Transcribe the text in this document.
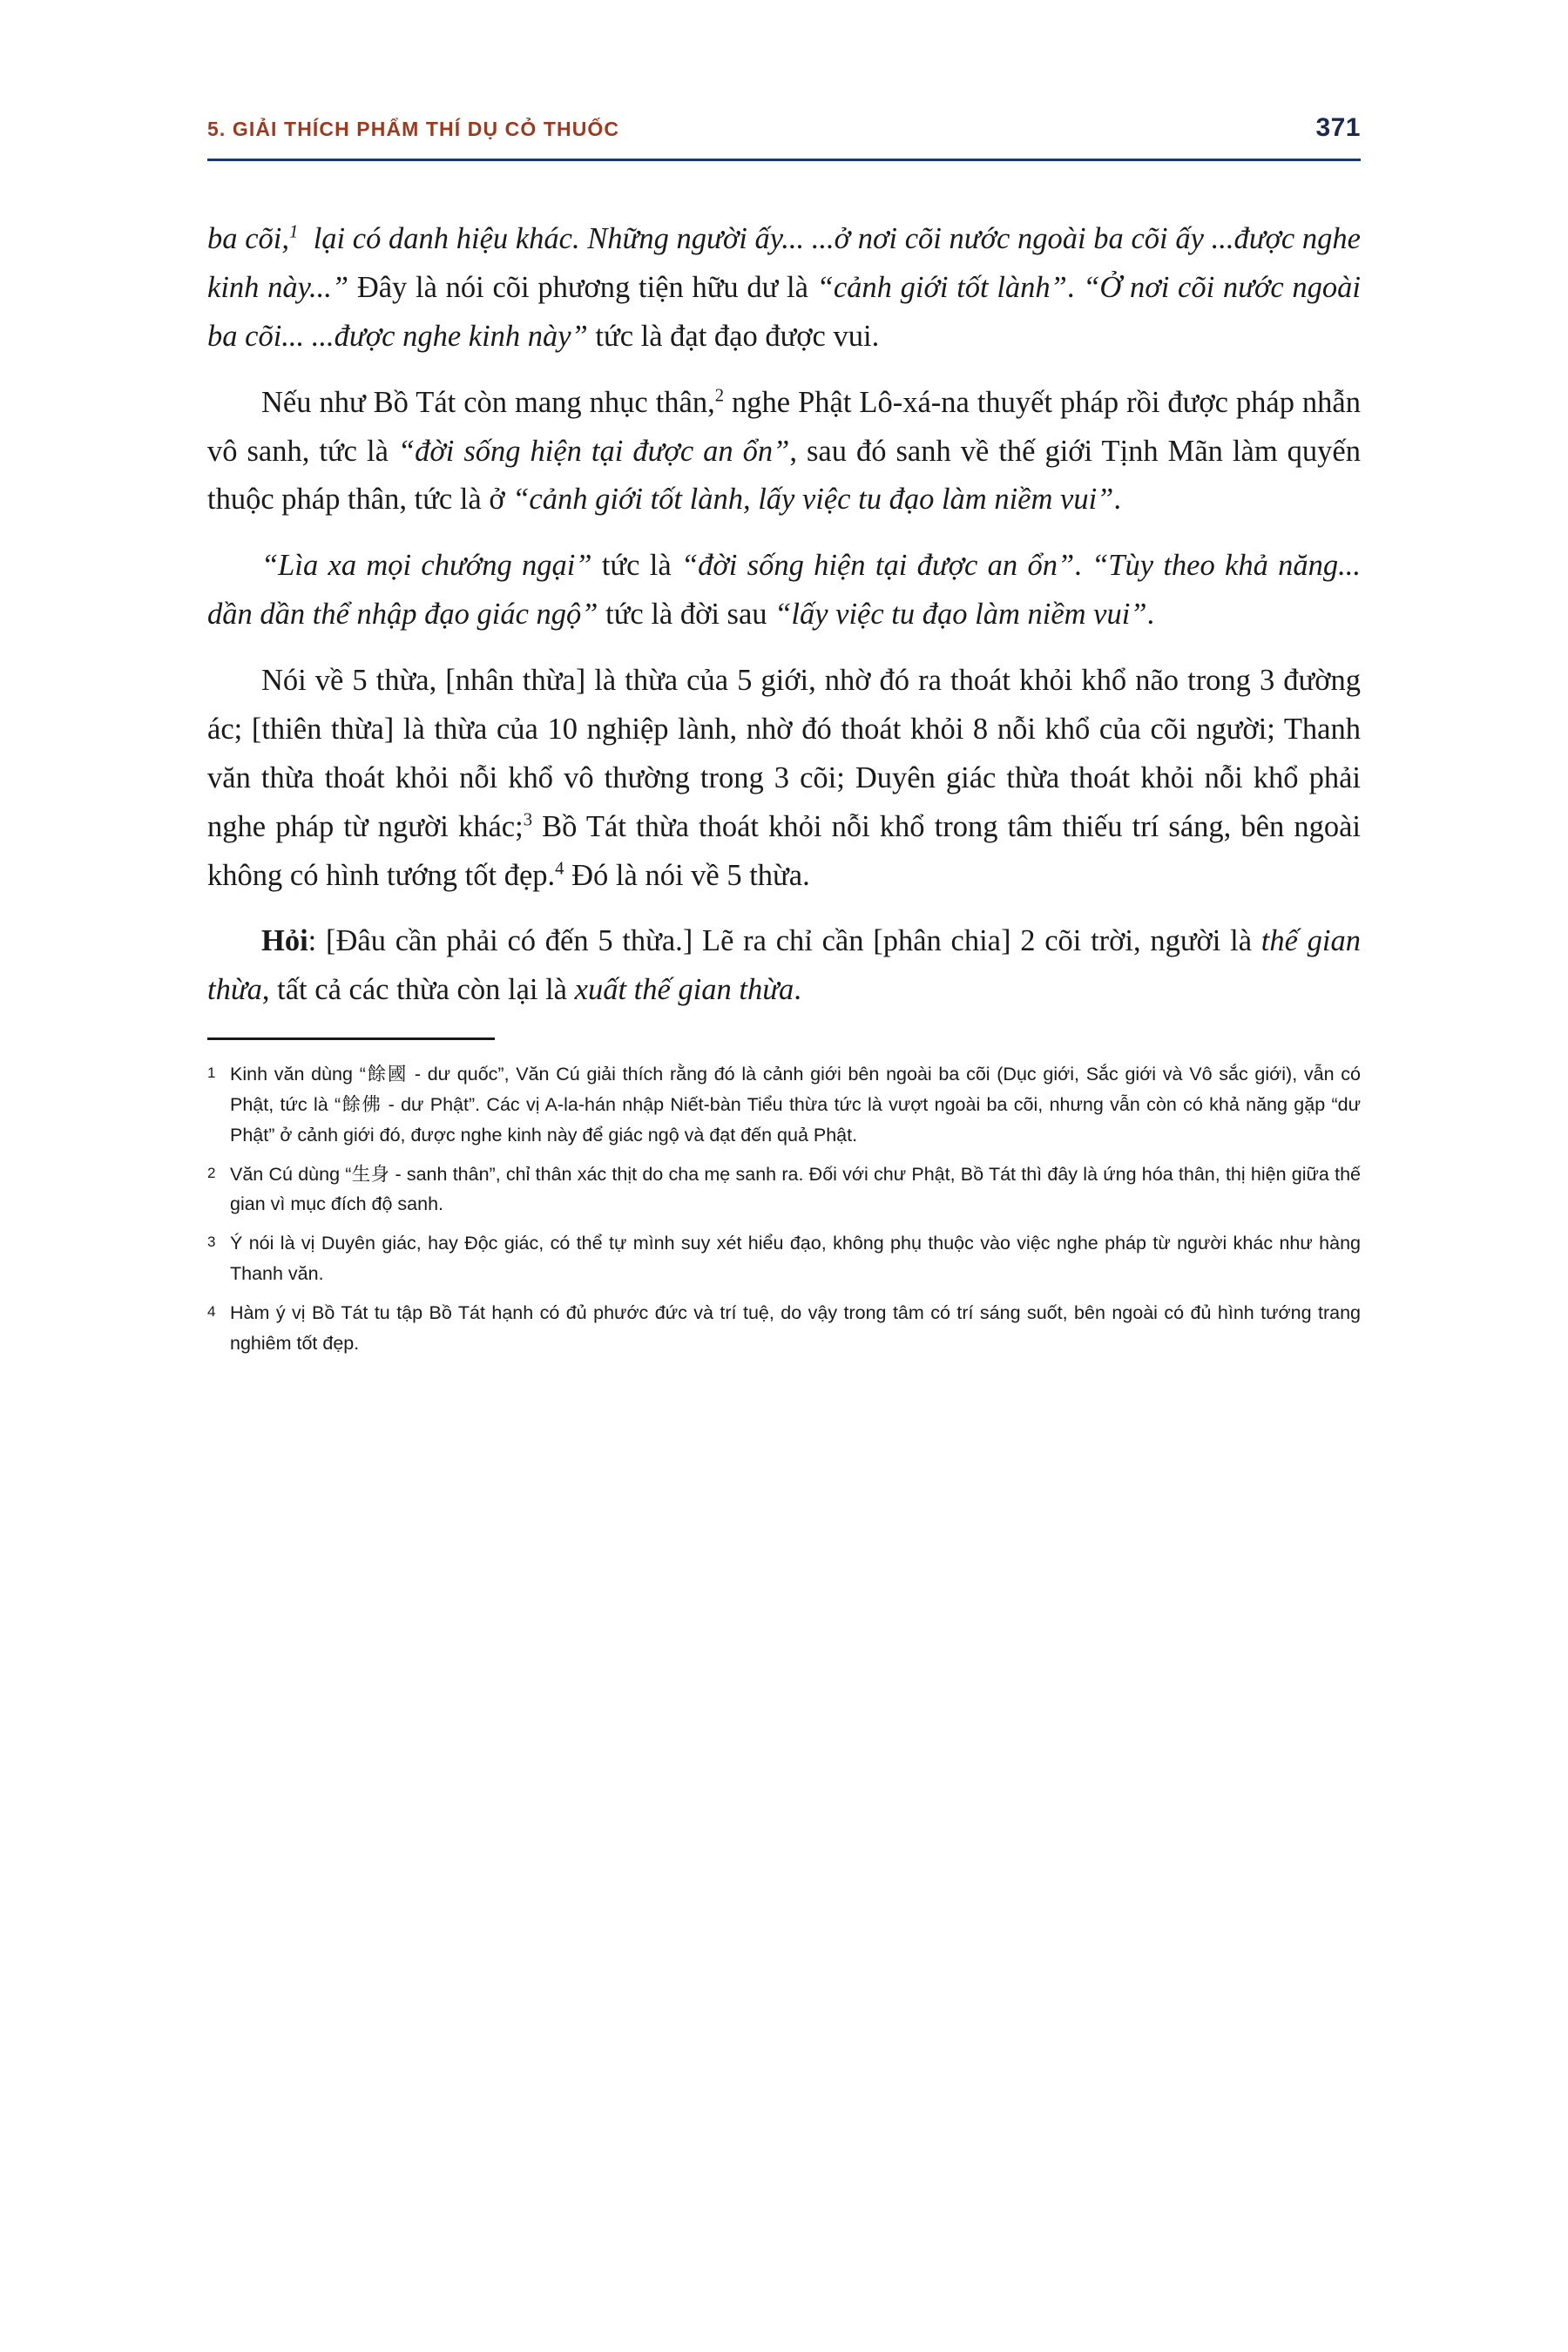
5. GIẢI THÍCH PHẨM THÍ DỤ CỎ THUỐC	371

ba cõi,$^1$  lại có danh hiệu khác. Những người ấy... ...ở nơi cõi nước ngoài ba cõi ấy ...được nghe kinh này...” Đây là nói cõi phương tiện hữu dư là “cảnh giới tốt lành”. “Ở nơi cõi nước ngoài ba cõi... ...được nghe kinh này” tức là đạt đạo được vui.

Nếu như Bồ Tát còn mang nhục thân,$^2$ nghe Phật Lô-xá-na thuyết pháp rồi được pháp nhẫn vô sanh, tức là “đời sống hiện tại được an ổn”, sau đó sanh về thế giới Tịnh Mãn làm quyến thuộc pháp thân, tức là ở “cảnh giới tốt lành, lấy việc tu đạo làm niềm vui”.

“Lìa xa mọi chướng ngại” tức là “đời sống hiện tại được an ổn”. “Tùy theo khả năng... dần dần thể nhập đạo giác ngộ” tức là đời sau “lấy việc tu đạo làm niềm vui”.

Nói về 5 thừa, [nhân thừa] là thừa của 5 giới, nhờ đó ra thoát khỏi khổ não trong 3 đường ác; [thiên thừa] là thừa của 10 nghiệp lành, nhờ đó thoát khỏi 8 nỗi khổ của cõi người; Thanh văn thừa thoát khỏi nỗi khổ vô thường trong 3 cõi; Duyên giác thừa thoát khỏi nỗi khổ phải nghe pháp từ người khác;$^3$ Bồ Tát thừa thoát khỏi nỗi khổ trong tâm thiếu trí sáng, bên ngoài không có hình tướng tốt đẹp.$^4$ Đó là nói về 5 thừa.

Hỏi: [Đâu cần phải có đến 5 thừa.] Lẽ ra chỉ cần [phân chia] 2 cõi trời, người là thế gian thừa, tất cả các thừa còn lại là xuất thế gian thừa.

1 Kinh văn dùng “餘國 - dư quốc”, Văn Cú giải thích rằng đó là cảnh giới bên ngoài ba cõi (Dục giới, Sắc giới và Vô sắc giới), vẫn có Phật, tức là “餘佛 - dư Phật”. Các vị A-la-hán nhập Niết-bàn Tiểu thừa tức là vượt ngoài ba cõi, nhưng vẫn còn có khả năng gặp “dư Phật” ở cảnh giới đó, được nghe kinh này để giác ngộ và đạt đến quả Phật.
2 Văn Cú dùng “生身 - sanh thân”, chỉ thân xác thịt do cha mẹ sanh ra. Đối với chư Phật, Bồ Tát thì đây là ứng hóa thân, thị hiện giữa thế gian vì mục đích độ sanh.
3 Ý nói là vị Duyên giác, hay Độc giác, có thể tự mình suy xét hiểu đạo, không phụ thuộc vào việc nghe pháp từ người khác như hàng Thanh văn.
4 Hàm ý vị Bồ Tát tu tập Bồ Tát hạnh có đủ phước đức và trí tuệ, do vậy trong tâm có trí sáng suốt, bên ngoài có đủ hình tướng trang nghiêm tốt đẹp.
